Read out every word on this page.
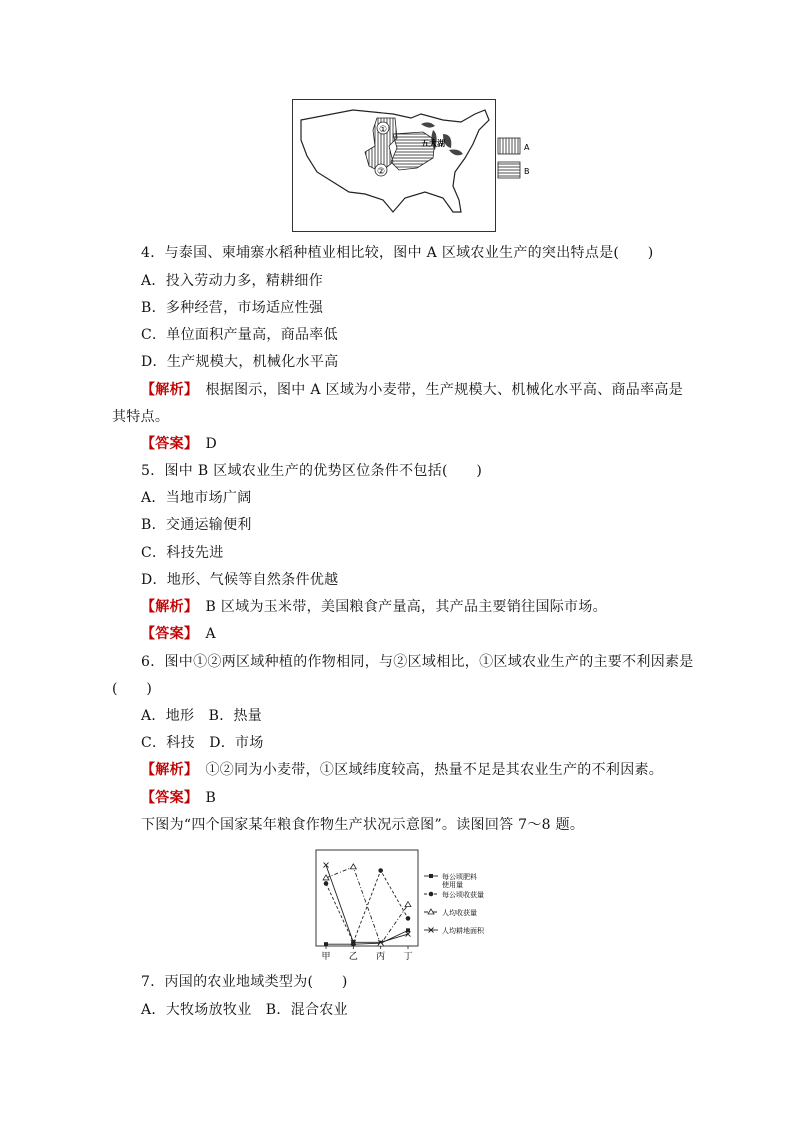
①
②
五大湖	A
B
4．与泰国、柬埔寨水稻种植业相比较，图中 A 区域农业生产的突出特点是(　　)
A．投入劳动力多，精耕细作
B．多种经营，市场适应性强
C．单位面积产量高，商品率低
D．生产规模大，机械化水平高
【解析】　根据图示，图中 A 区域为小麦带，生产规模大、机械化水平高、商品率高是
其特点。
【答案】　D
5．图中 B 区域农业生产的优势区位条件不包括(　　)
A．当地市场广阔
B．交通运输便利
C．科技先进
D．地形、气候等自然条件优越
【解析】　B 区域为玉米带，美国粮食产量高，其产品主要销往国际市场。
【答案】　A
6．图中①②两区域种植的作物相同，与②区域相比，①区域农业生产的主要不利因素是
(　　)
A．地形　B．热量
C．科技　D．市场
【解析】　①②同为小麦带，①区域纬度较高，热量不足是其农业生产的不利因素。
【答案】　B
下图为“四个国家某年粮食作物生产状况示意图”。读图回答 7～8 题。
甲 乙 丙 丁
每公顷肥料
使用量
每公顷收获量
人均收获量
人均耕地面积
7．丙国的农业地域类型为(　　)
A．大牧场放牧业　B．混合农业
